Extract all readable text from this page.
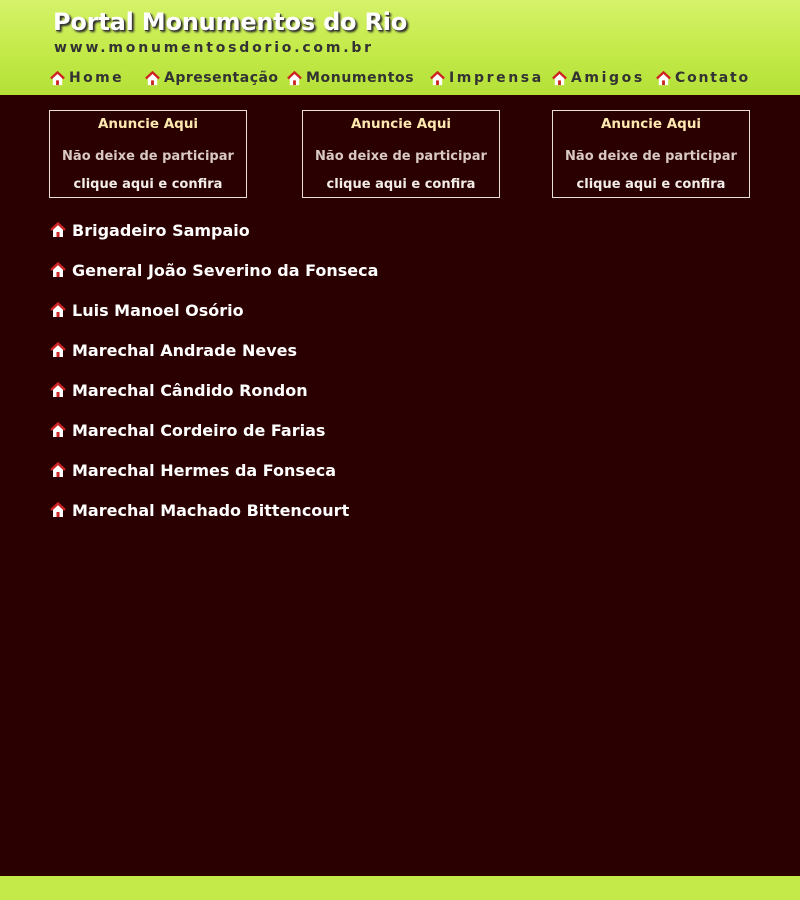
Portal Monumentos do Rio
www.monumentosdorio.com.br
Home	Apresentação Monumentos Imprensa Amigos Contato
Anuncie Aqui
Não deixe de participar
clique aqui e confira
Anuncie Aqui
Não deixe de participar
clique aqui e confira
Anuncie Aqui
Não deixe de participar
clique aqui e confira
Brigadeiro Sampaio
General João Severino da Fonseca
Luis Manoel Osório
Marechal Andrade Neves
Marechal Cândido Rondon
Marechal Cordeiro de Farias
Marechal Hermes da Fonseca
Marechal Machado Bittencourt
